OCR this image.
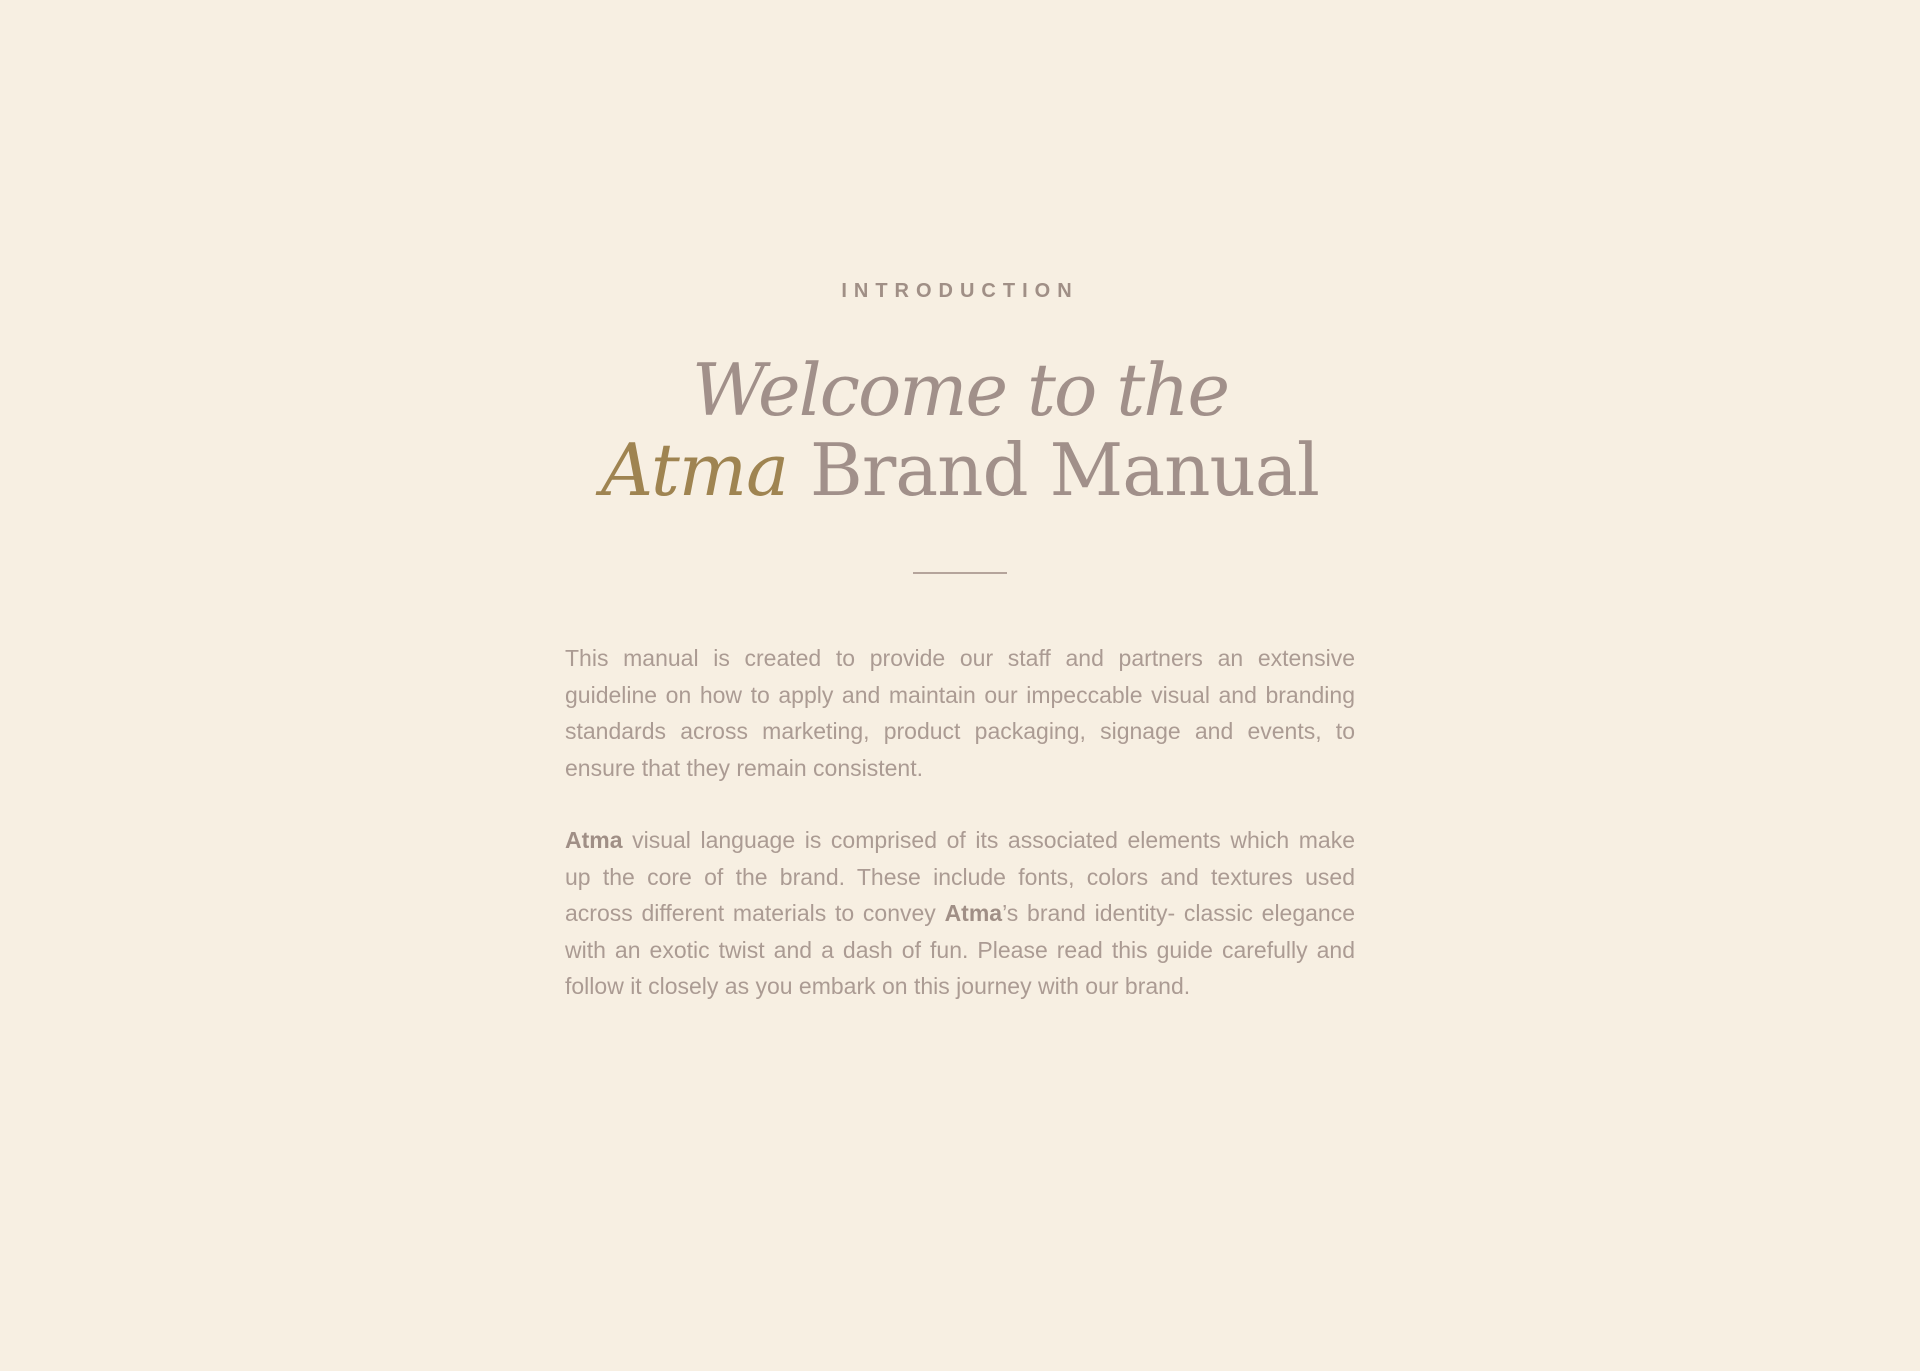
INTRODUCTION

Welcome to the
Atma Brand Manual

This manual is created to provide our staff and partners an extensive guideline on how to apply and maintain our impeccable visual and branding standards across marketing, product packaging, signage and events, to ensure that they remain consistent.

Atma visual language is comprised of its associated elements which make up the core of the brand. These include fonts, colors and textures used across different materials to convey Atma’s brand identity- classic elegance with an exotic twist and a dash of fun. Please read this guide carefully and follow it closely as you embark on this journey with our brand.
